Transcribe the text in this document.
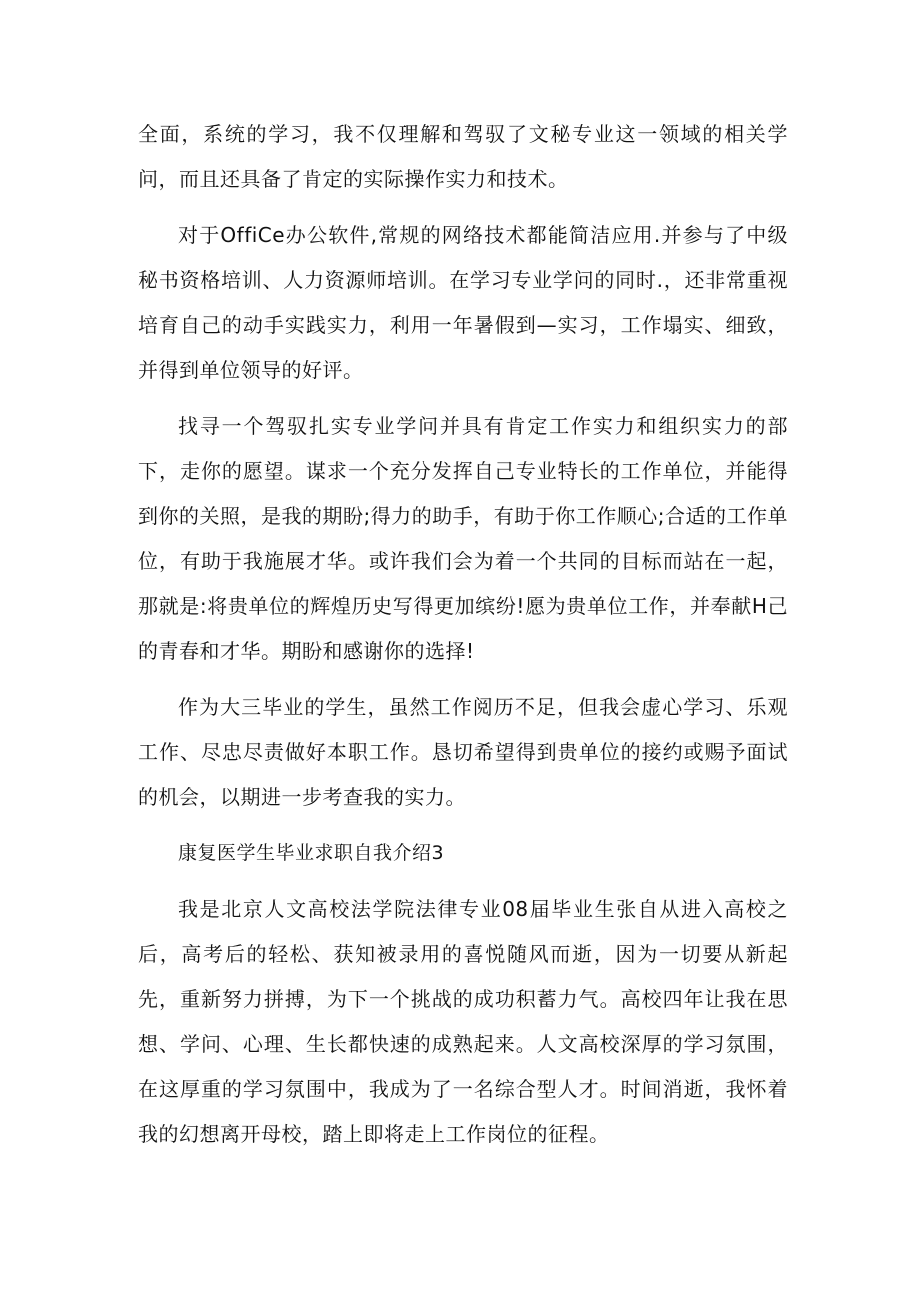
全面，系统的学习，我不仅理解和驾驭了文秘专业这一领域的相关学问，而且还具备了肯定的实际操作实力和技术。

对于OffiCe办公软件,常规的网络技术都能简洁应用.并参与了中级秘书资格培训、人力资源师培训。在学习专业学问的同时.，还非常重视培育自己的动手实践实力，利用一年暑假到—实习，工作塌实、细致，并得到单位领导的好评。

找寻一个驾驭扎实专业学问并具有肯定工作实力和组织实力的部下，走你的愿望。谋求一个充分发挥自己专业特长的工作单位，并能得到你的关照，是我的期盼;得力的助手，有助于你工作顺心;合适的工作单位，有助于我施展才华。或许我们会为着一个共同的目标而站在一起，那就是:将贵单位的辉煌历史写得更加缤纷!愿为贵单位工作，并奉献H己的青春和才华。期盼和感谢你的选择!

作为大三毕业的学生，虽然工作阅历不足，但我会虚心学习、乐观工作、尽忠尽责做好本职工作。恳切希望得到贵单位的接约或赐予面试的机会，以期进一步考查我的实力。

康复医学生毕业求职自我介绍3

我是北京人文高校法学院法律专业08届毕业生张自从进入高校之后，高考后的轻松、获知被录用的喜悦随风而逝，因为一切要从新起先，重新努力拼搏，为下一个挑战的成功积蓄力气。高校四年让我在思想、学问、心理、生长都快速的成熟起来。人文高校深厚的学习氛围，在这厚重的学习氛围中，我成为了一名综合型人才。时间消逝，我怀着我的幻想离开母校，踏上即将走上工作岗位的征程。
